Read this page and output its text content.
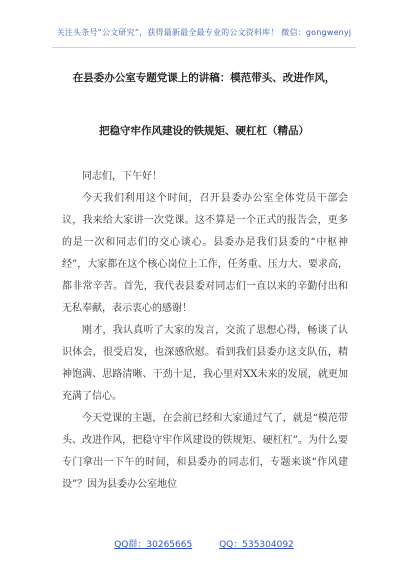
关注头条号“公文研究”，获得最新最全最专业的公文资料库！ 微信：gongwenyj
在县委办公室专题党课上的讲稿：模范带头、改进作风，
把稳守牢作风建设的铁规矩、硬杠杠（精品）

同志们，下午好！

今天我们利用这个时间，召开县委办公室全体党员干部会议，我来给大家讲一次党课。这不算是一个正式的报告会，更多的是一次和同志们的交心谈心。县委办是我们县委的“中枢神经”，大家都在这个核心岗位上工作，任务重、压力大、要求高，都非常辛苦。首先，我代表县委对同志们一直以来的辛勤付出和无私奉献，表示衷心的感谢！

刚才，我认真听了大家的发言，交流了思想心得，畅谈了认识体会，很受启发，也深感欣慰。看到我们县委办这支队伍，精神饱满、思路清晰、干劲十足，我心里对XX未来的发展，就更加充满了信心。

今天党课的主题，在会前已经和大家通过气了，就是“模范带头、改进作风，把稳守牢作风建设的铁规矩、硬杠杠”。为什么要专门拿出一下午的时间，和县委办的同志们，专题来谈“作风建设”？因为县委办公室地位

QQ群：30265665	QQ：535304092
